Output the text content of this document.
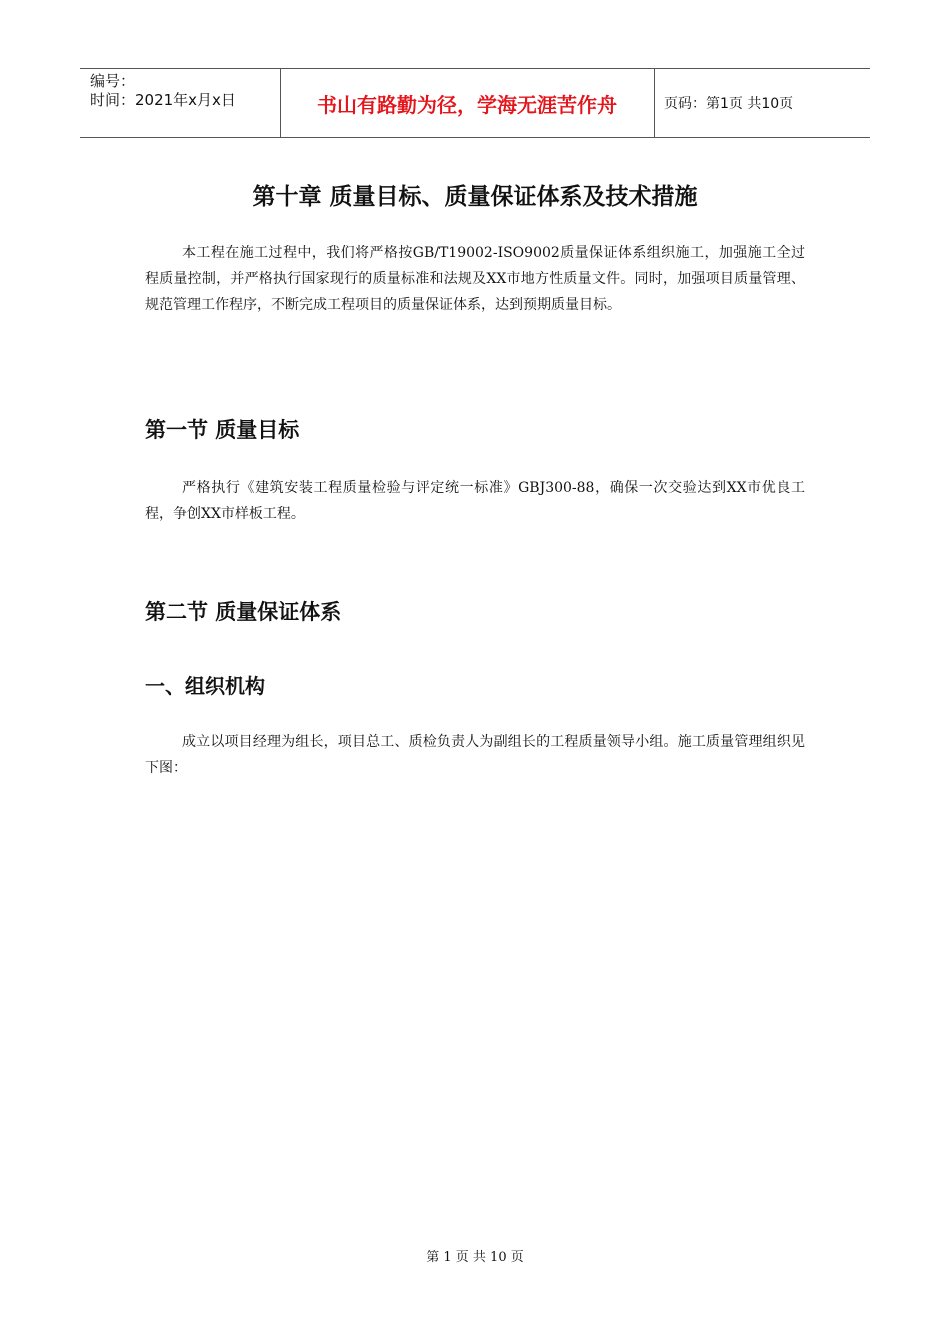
编号：
时间：2021年x月x日	书山有路勤为径，学海无涯苦作舟	页码：第1页 共10页
第十章 质量目标、质量保证体系及技术措施
本工程在施工过程中，我们将严格按GB/T19002-ISO9002质量保证体系组织施工，加强施工全过程质量控制，并严格执行国家现行的质量标准和法规及XX市地方性质量文件。同时，加强项目质量管理、规范管理工作程序，不断完成工程项目的质量保证体系，达到预期质量目标。
第一节 质量目标
严格执行《建筑安装工程质量检验与评定统一标准》GBJ300-88，确保一次交验达到XX市优良工程，争创XX市样板工程。
第二节 质量保证体系
一、组织机构
成立以项目经理为组长，项目总工、质检负责人为副组长的工程质量领导小组。施工质量管理组织见下图：
第 1 页 共 10 页
